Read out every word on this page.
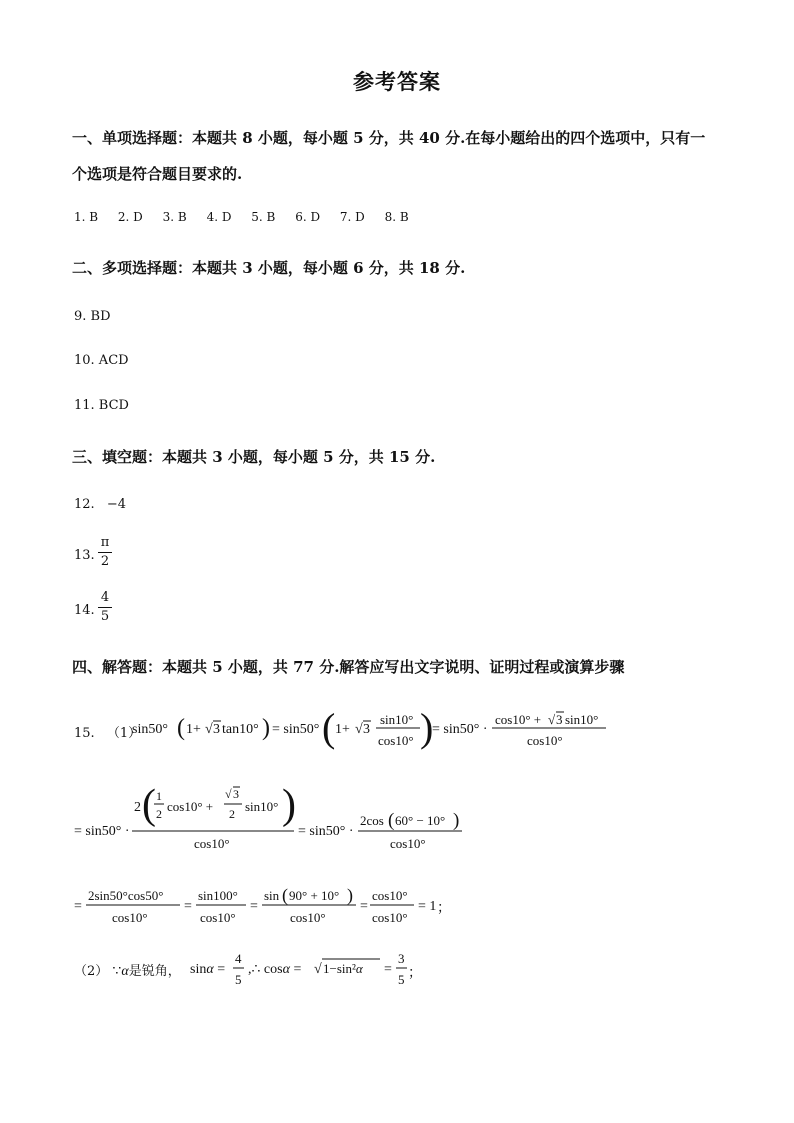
参考答案
一、单项选择题：本题共 8 小题，每小题 5 分，共 40 分.在每小题给出的四个选项中，只有一
个选项是符合题目要求的.
1. B 2. D 3. B 4. D 5. B 6. D 7. D 8. B
二、多项选择题：本题共 3 小题，每小题 6 分，共 18 分.
9. BD
10. ACD
11. BCD
三、填空题：本题共 3 小题，每小题 5 分，共 15 分.
12. −4
13. $\frac{\pi}{2}$
14. $\frac{4}{5}$
四、解答题：本题共 5 小题，共 77 分.解答应写出文字说明、证明过程或演算步骤
15. （1）
sin50° ( 1+ √ 3 tan10° ) = sin50° ( 1+ √ 3
sin10°
cos10° )
= sin50° ·
cos10° + √ 3 sin10°
cos10°
= sin50° ·
2 ( 1
2 cos10° +
√ 3
2 sin10° )
cos10°
= sin50° ·
2cos ( 60° − 10° )
cos10°
=
2sin50°cos50°
cos10°
=
sin100°
cos10°
=
sin ( 90° + 10° )
cos10°
=
cos10°
cos10°
= 1 ；
（2） ∵α是锐角， sinα =
4
5
,∴ cosα = √ 1−sin²α =
3
5 ；
